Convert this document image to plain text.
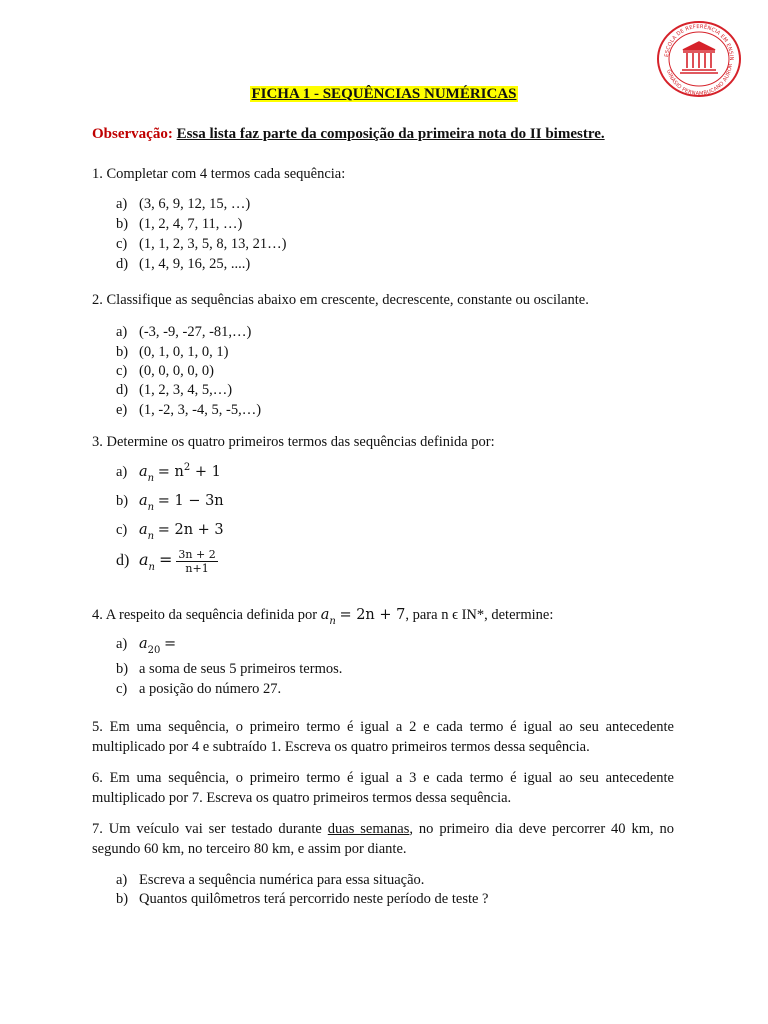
ESCOLA DE REFERÊNCIA EM ENSIN
GINÁSIO PERNAMBUCANO AUROR
FICHA 1 - SEQUÊNCIAS NUMÉRICAS
Observação: Essa lista faz parte da composição da primeira nota do II bimestre.
1. Completar com 4 termos cada sequência:
a) (3, 6, 9, 12, 15, …)
b) (1, 2, 4, 7, 11, …)
c) (1, 1, 2, 3, 5, 8, 13, 21…)
d) (1, 4, 9, 16, 25, ....)
2. Classifique as sequências abaixo em crescente, decrescente, constante ou oscilante.
a) (-3, -9, -27, -81,…)
b) (0, 1, 0, 1, 0, 1)
c) (0, 0, 0, 0, 0)
d) (1, 2, 3, 4, 5,…)
e) (1, -2, 3, -4, 5, -5,…)
3. Determine os quatro primeiros termos das sequências definida por:
a) $a_n = n^2 + 1$
b) $a_n = 1 - 3n$
c) $a_n = 2n + 3$
d) $a_n = \frac{3n + 2}{n+1}$
4. A respeito da sequência definida por $a_n = 2n + 7$, para n ϵ IN*, determine:
a) $a_{20}$ =
b) a soma de seus 5 primeiros termos.
c) a posição do número 27.
5. Em uma sequência, o primeiro termo é igual a 2 e cada termo é igual ao seu antecedente multiplicado por 4 e subtraído 1. Escreva os quatro primeiros termos dessa sequência.
6. Em uma sequência, o primeiro termo é igual a 3 e cada termo é igual ao seu antecedente multiplicado por 7. Escreva os quatro primeiros termos dessa sequência.
7. Um veículo vai ser testado durante duas semanas, no primeiro dia deve percorrer 40 km, no segundo 60 km, no terceiro 80 km, e assim por diante.
a) Escreva a sequência numérica para essa situação.
b) Quantos quilômetros terá percorrido neste período de teste ?
